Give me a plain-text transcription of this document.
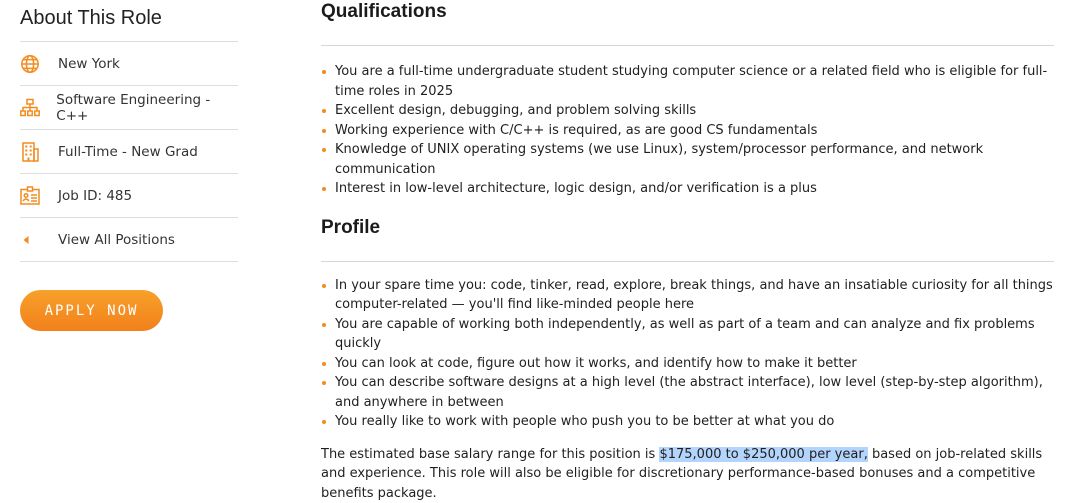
About This Role
New York
Software Engineering - C++
Full-Time - New Grad
Job ID: 485
View All Positions
APPLY NOW
Qualifications
You are a full-time undergraduate student studying computer science or a related field who is eligible for full-time roles in 2025
Excellent design, debugging, and problem solving skills
Working experience with C/C++ is required, as are good CS fundamentals
Knowledge of UNIX operating systems (we use Linux), system/processor performance, and network communication
Interest in low-level architecture, logic design, and/or verification is a plus
Profile
In your spare time you: code, tinker, read, explore, break things, and have an insatiable curiosity for all things computer-related — you'll find like-minded people here
You are capable of working both independently, as well as part of a team and can analyze and fix problems quickly
You can look at code, figure out how it works, and identify how to make it better
You can describe software designs at a high level (the abstract interface), low level (step-by-step algorithm), and anywhere in between
You really like to work with people who push you to be better at what you do

The estimated base salary range for this position is $175,000 to $250,000 per year, based on job-related skills and experience. This role will also be eligible for discretionary performance-based bonuses and a competitive benefits package.
